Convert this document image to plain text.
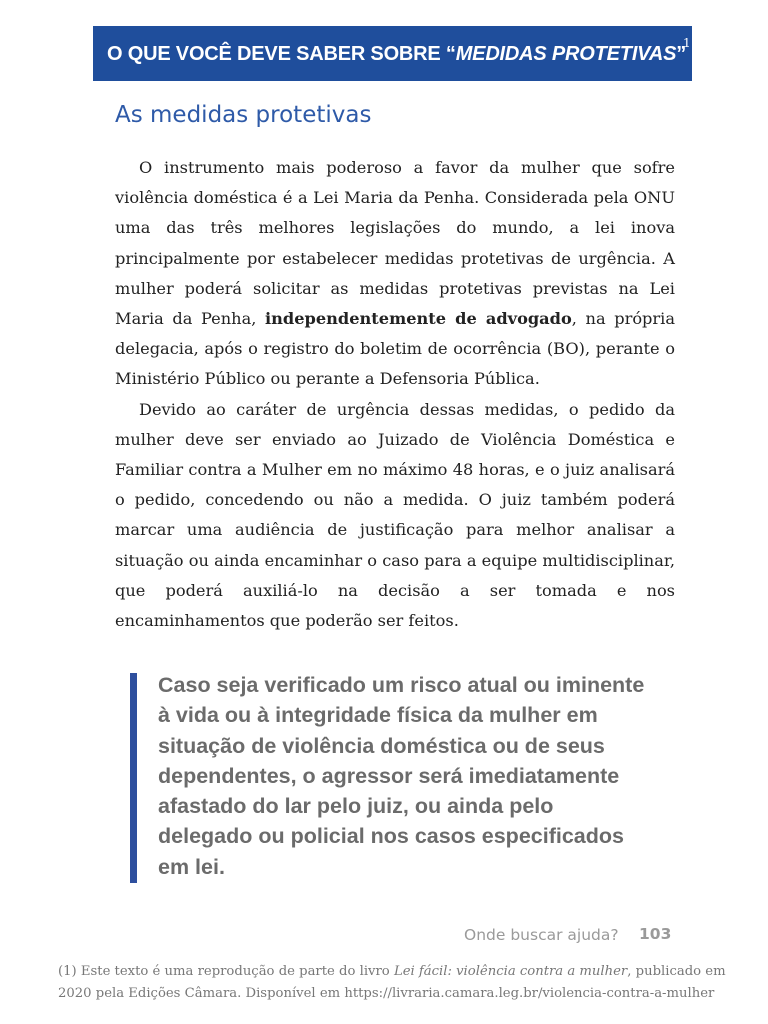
O QUE VOCÊ DEVE SABER SOBRE “MEDIDAS PROTETIVAS”
1
As medidas protetivas

O instrumento mais poderoso a favor da mulher que sofre violência doméstica é a Lei Maria da Penha. Considerada pela ONU uma das três melhores legislações do mundo, a lei inova principalmente por estabelecer medidas protetivas de urgência. A mulher poderá solicitar as medidas protetivas previstas na Lei Maria da Penha, independentemente de advogado, na própria delegacia, após o registro do boletim de ocorrência (BO), perante o Ministério Público ou perante a Defensoria Pública.

Devido ao caráter de urgência dessas medidas, o pedido da mulher deve ser enviado ao Juizado de Violência Doméstica e Familiar contra a Mulher em no máximo 48 horas, e o juiz analisará o pedido, concedendo ou não a medida. O juiz também poderá marcar uma audiência de justificação para melhor analisar a situação ou ainda encaminhar o caso para a equipe multidisciplinar, que poderá auxiliá-lo na decisão a ser tomada e nos encaminhamentos que poderão ser feitos.

Caso seja verificado um risco atual ou iminente à vida ou à integridade física da mulher em situação de violência doméstica ou de seus dependentes, o agressor será imediatamente afastado do lar pelo juiz, ou ainda pelo delegado ou policial nos casos especificados em lei.

Onde buscar ajuda? 103

(1) Este texto é uma reprodução de parte do livro Lei fácil: violência contra a mulher, publicado em 2020 pela Edições Câmara. Disponível em https://livraria.camara.leg.br/violencia-contra-a-mulher
